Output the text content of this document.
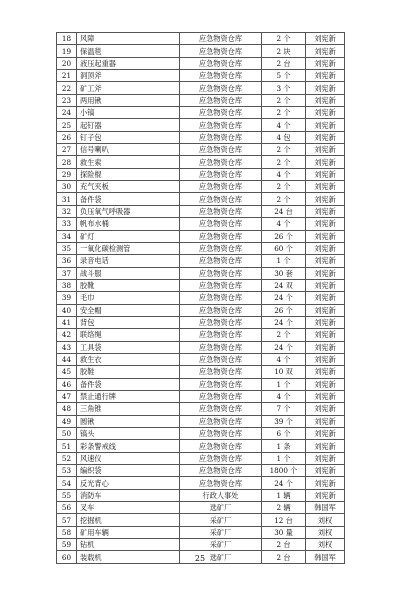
18	风障	应急物资仓库	2 个	刘宪新
19	保温毯	应急物资仓库	2 块	刘宪新
20	液压起重器	应急物资仓库	2 台	刘宪新
21	洞顶斧	应急物资仓库	5 个	刘宪新
22	矿工斧	应急物资仓库	3 个	刘宪新
23	两用锹	应急物资仓库	2 个	刘宪新
24	小镐	应急物资仓库	2 个	刘宪新
25	起钉器	应急物资仓库	4 个	刘宪新
26	钉子包	应急物资仓库	4 包	刘宪新
27	信号喇叭	应急物资仓库	2 个	刘宪新
28	救生索	应急物资仓库	2 个	刘宪新
29	探险棍	应急物资仓库	4 个	刘宪新
30	充气夹板	应急物资仓库	2 个	刘宪新
31	备件袋	应急物资仓库	2 个	刘宪新
32	负压氧气呼吸器	应急物资仓库	24 台	刘宪新
33	帆布水桶	应急物资仓库	4 个	刘宪新
34	矿灯	应急物资仓库	26 个	刘宪新
35	一氧化碳检测管	应急物资仓库	60 个	刘宪新
36	录音电话	应急物资仓库	1 个	刘宪新
37	战斗服	应急物资仓库	30 套	刘宪新
38	胶靴	应急物资仓库	24 双	刘宪新
39	毛巾	应急物资仓库	24 个	刘宪新
40	安全帽	应急物资仓库	26 个	刘宪新
41	背包	应急物资仓库	24 个	刘宪新
42	联络绳	应急物资仓库	2 个	刘宪新
43	工具袋	应急物资仓库	24 个	刘宪新
44	救生衣	应急物资仓库	4 个	刘宪新
45	胶鞋	应急物资仓库	10 双	刘宪新
46	备件袋	应急物资仓库	1 个	刘宪新
47	禁止通行牌	应急物资仓库	4 个	刘宪新
48	三角锥	应急物资仓库	7 个	刘宪新
49	圆锹	应急物资仓库	39 个	刘宪新
50	镐头	应急物资仓库	6 个	刘宪新
51	彩条警戒线	应急物资仓库	1 条	刘宪新
52	风速仪	应急物资仓库	1 个	刘宪新
53	编织袋	应急物资仓库	1800 个	刘宪新
54	反光背心	应急物资仓库	24 个	刘宪新
55	消防车	行政人事处	1 辆	刘宪新
56	叉车	选矿厂	2 辆	韩国军
57	挖掘机	采矿厂	12 台	刘权
58	矿用车辆	采矿厂	30 量	刘权
59	钻机	采矿厂	2 台	刘权
60	装载机	选矿厂	2 台	韩国军
25
